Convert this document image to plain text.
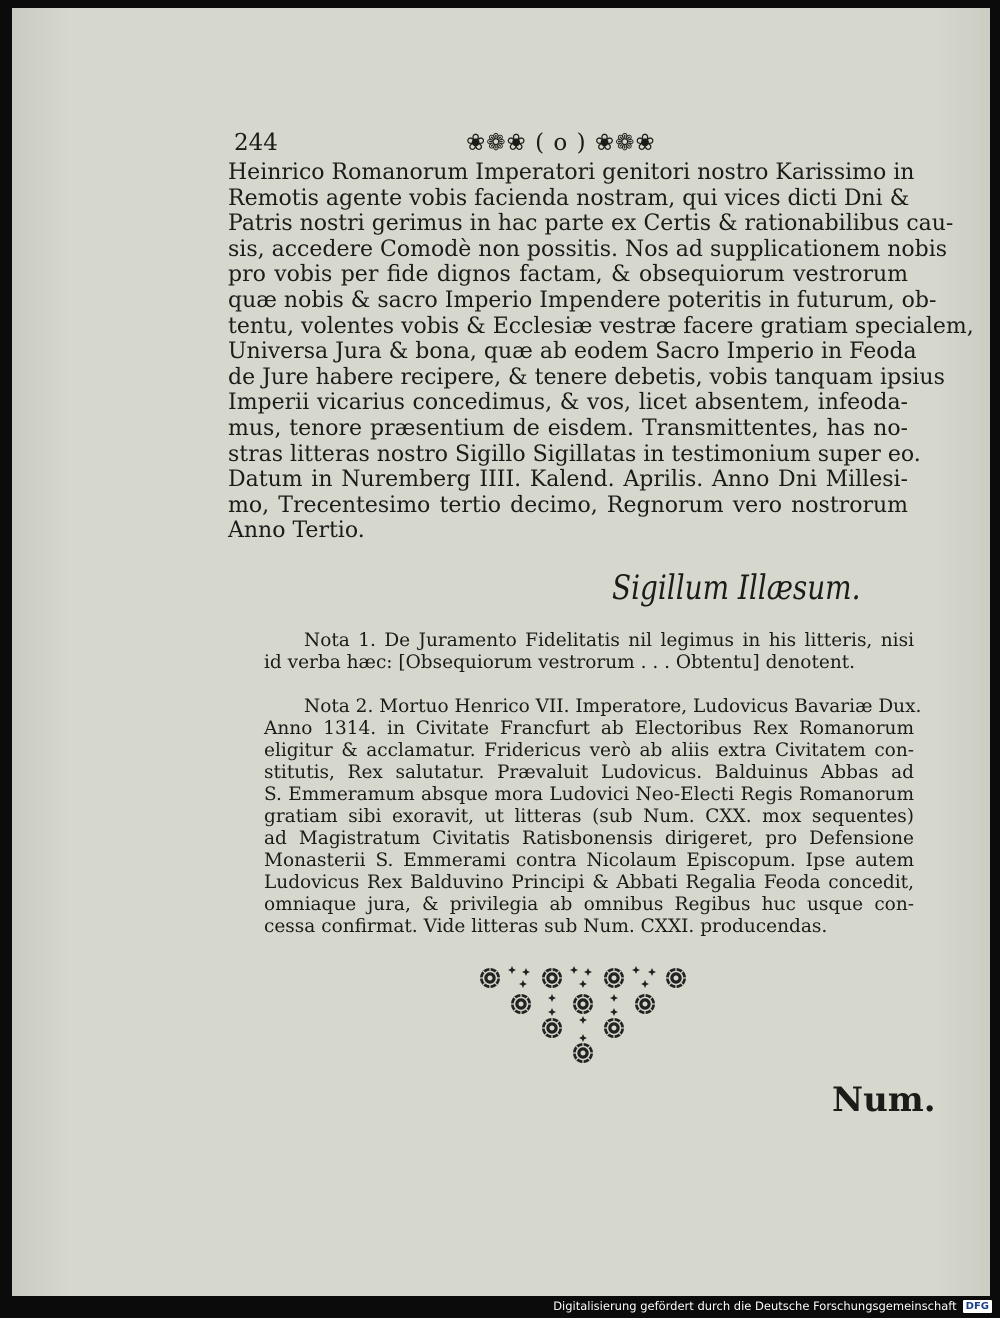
244	❀❁❀ ( o ) ❀❁❀
Heinrico Romanorum Imperatori genitori nostro Karissimo in
Remotis agente vobis facienda nostram, qui vices dicti Dni &
Patris nostri gerimus in hac parte ex Certis & rationabilibus cau-
sis, accedere Comodè non possitis. Nos ad supplicationem nobis
pro vobis per fide dignos factam, & obsequiorum vestrorum
quæ nobis & sacro Imperio Impendere poteritis in futurum, ob-
tentu, volentes vobis & Ecclesiæ vestræ facere gratiam specialem,
Universa Jura & bona, quæ ab eodem Sacro Imperio in Feoda
de Jure habere recipere, & tenere debetis, vobis tanquam ipsius
Imperii vicarius concedimus, & vos, licet absentem, infeoda-
mus, tenore præsentium de eisdem. Transmittentes, has no-
stras litteras nostro Sigillo Sigillatas in testimonium super eo.
Datum in Nuremberg IIII. Kalend. Aprilis. Anno Dni Millesi-
mo, Trecentesimo tertio decimo, Regnorum vero nostrorum
Anno Tertio.
Sigillum Illæsum.
Nota 1. De Juramento Fidelitatis nil legimus in his litteris, nisi
id verba hæc: [Obsequiorum vestrorum . . . Obtentu] denotent.
Nota 2. Mortuo Henrico VII. Imperatore, Ludovicus Bavariæ Dux.
Anno 1314. in Civitate Francfurt ab Electoribus Rex Romanorum
eligitur & acclamatur. Fridericus verò ab aliis extra Civitatem con-
stitutis, Rex salutatur. Prævaluit Ludovicus. Balduinus Abbas ad
S. Emmeramum absque mora Ludovici Neo-Electi Regis Romanorum
gratiam sibi exoravit, ut litteras (sub Num. CXX. mox sequentes)
ad Magistratum Civitatis Ratisbonensis dirigeret, pro Defensione
Monasterii S. Emmerami contra Nicolaum Episcopum. Ipse autem
Ludovicus Rex Balduvino Principi & Abbati Regalia Feoda concedit,
omniaque jura, & privilegia ab omnibus Regibus huc usque con-
cessa confirmat. Vide litteras sub Num. CXXI. producendas.
Num.
Digitalisierung gefördert durch die Deutsche Forschungsgemeinschaft DFG
